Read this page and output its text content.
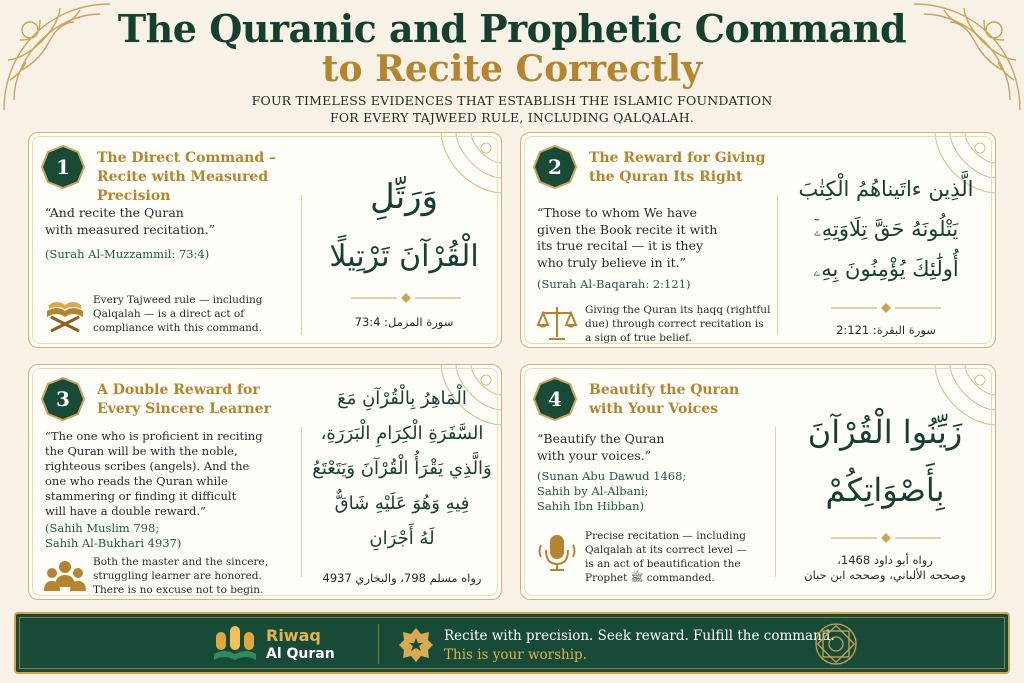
The Quranic and Prophetic Command
to Recite Correctly
FOUR TIMELESS EVIDENCES THAT ESTABLISH THE ISLAMIC FOUNDATION
FOR EVERY TAJWEED RULE, INCLUDING QALQALAH.
1	The Direct Command –
Recite with Measured Precision
“And recite the Quran
with measured recitation.”
(Surah Al-Muzzammil: 73:4)
Every Tajweed rule — including
Qalqalah — is a direct act of
compliance with this command.
وَرَتِّلِ
الْقُرْآنَ تَرْتِيلًا
سورة المزمل: 73:4
2	The Reward for Giving
the Quran Its Right
“Those to whom We have
given the Book recite it with
its true recital — it is they
who truly believe in it.”
(Surah Al-Baqarah: 2:121)
Giving the Quran its ḥaqq (rightful
due) through correct recitation is
a sign of true belief.
الَّذِين ءاتَيناهُمُ الْكِتٰبَ
يَتْلُونَهُ حَقَّ تِلَاوَتِهِۦٓ
أُولَٰئِكَ يُؤْمِنُونَ بِهِۦ
سورة البقرة: 2:121
3	A Double Reward for
Every Sincere Learner
“The one who is proficient in reciting
the Quran will be with the noble,
righteous scribes (angels). And the
one who reads the Quran while
stammering or finding it difficult
will have a double reward.”
(Sahih Muslim 798;
Sahih Al-Bukhari 4937)
Both the master and the sincere,
struggling learner are honored.
There is no excuse not to begin.
الْمَاهِرُ بِالْقُرْآنِ مَعَ
السَّفَرَةِ الْكِرَامِ الْبَرَرَةِ،
وَالَّذِي يَقْرَأُ الْقُرْآنَ وَيَتَعْتَعُ
فِيهِ وَهُوَ عَلَيْهِ شَاقٌّ
لَهُ أَجْرَانِ
رواه مسلم 798، والبخاري 4937
4	Beautify the Quran
with Your Voices
“Beautify the Quran
with your voices.”
(Sunan Abu Dawud 1468;
Sahih by Al-Albani;
Sahih Ibn Hibban)
Precise recitation — including
Qalqalah at its correct level —
is an act of beautification the
Prophet ﷺ commanded.
زَيِّنُوا الْقُرْآنَ
بِأَصْوَاتِكُمْ
رواه أبو داود 1468،
وصححه الألباني، وصححه ابن حبان
Riwaq
Al Quran
Recite with precision. Seek reward. Fulfill the command.
This is your worship.
